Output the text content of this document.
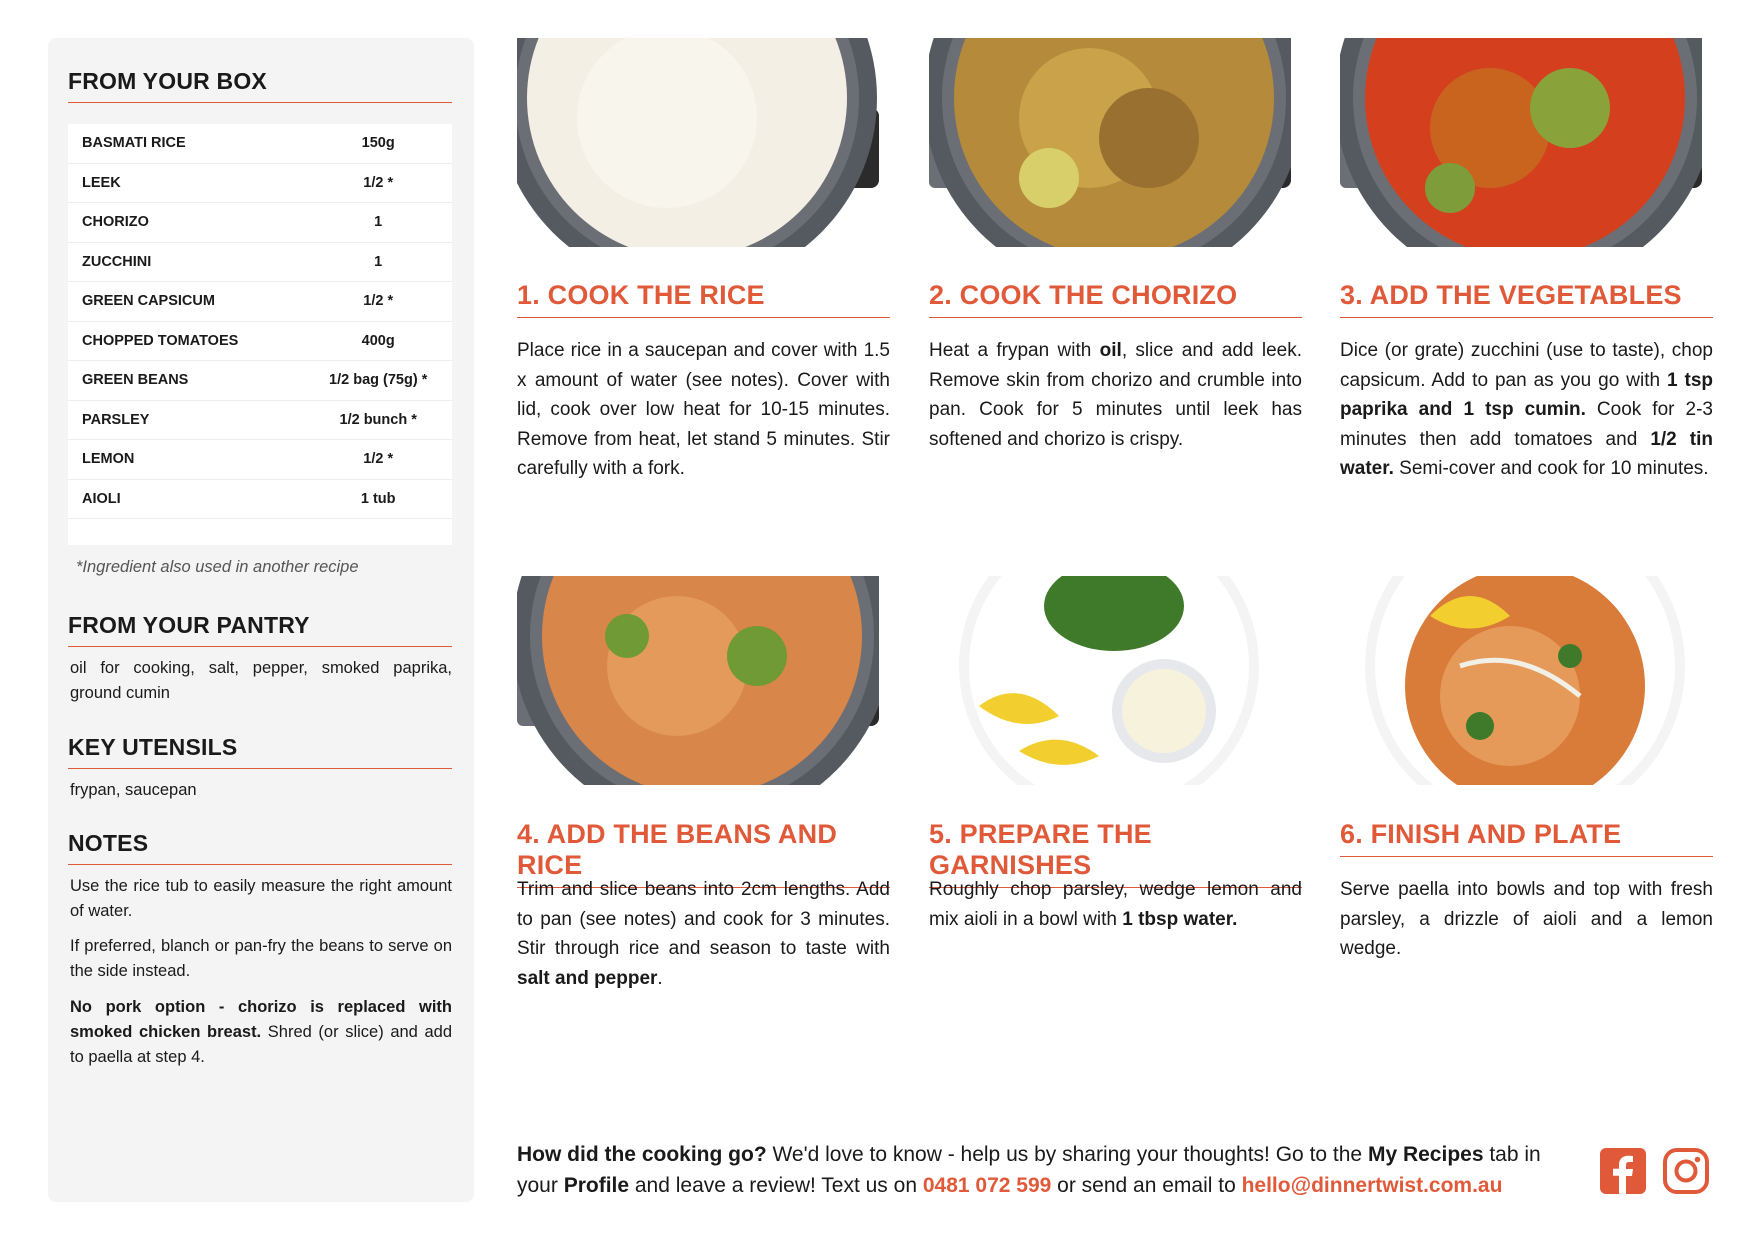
FROM YOUR BOX
BASMATI RICE	150g
LEEK	1/2 *
CHORIZO	1
ZUCCHINI	1
GREEN CAPSICUM	1/2 *
CHOPPED TOMATOES	400g
GREEN BEANS	1/2 bag (75g) *
PARSLEY	1/2 bunch *
LEMON	1/2 *
AIOLI	1 tub
*Ingredient also used in another recipe
FROM YOUR PANTRY
oil for cooking, salt, pepper, smoked paprika, ground cumin
KEY UTENSILS
frypan, saucepan
NOTES
Use the rice tub to easily measure the right amount of water.
If preferred, blanch or pan-fry the beans to serve on the side instead.
No pork option - chorizo is replaced with smoked chicken breast. Shred (or slice) and add to paella at step 4.
1. COOK THE RICE
Place rice in a saucepan and cover with 1.5 x amount of water (see notes). Cover with lid, cook over low heat for 10-15 minutes. Remove from heat, let stand 5 minutes. Stir carefully with a fork.
2. COOK THE CHORIZO
Heat a frypan with oil, slice and add leek. Remove skin from chorizo and crumble into pan. Cook for 5 minutes until leek has softened and chorizo is crispy.
3. ADD THE VEGETABLES
Dice (or grate) zucchini (use to taste), chop capsicum. Add to pan as you go with 1 tsp paprika and 1 tsp cumin. Cook for 2-3 minutes then add tomatoes and 1/2 tin water. Semi-cover and cook for 10 minutes.
4. ADD THE BEANS AND RICE
Trim and slice beans into 2cm lengths. Add to pan (see notes) and cook for 3 minutes. Stir through rice and season to taste with salt and pepper.
5. PREPARE THE GARNISHES
Roughly chop parsley, wedge lemon and mix aioli in a bowl with 1 tbsp water.
6. FINISH AND PLATE
Serve paella into bowls and top with fresh parsley, a drizzle of aioli and a lemon wedge.
How did the cooking go? We'd love to know - help us by sharing your thoughts! Go to the My Recipes tab in your Profile and leave a review! Text us on 0481 072 599 or send an email to hello@dinnertwist.com.au
